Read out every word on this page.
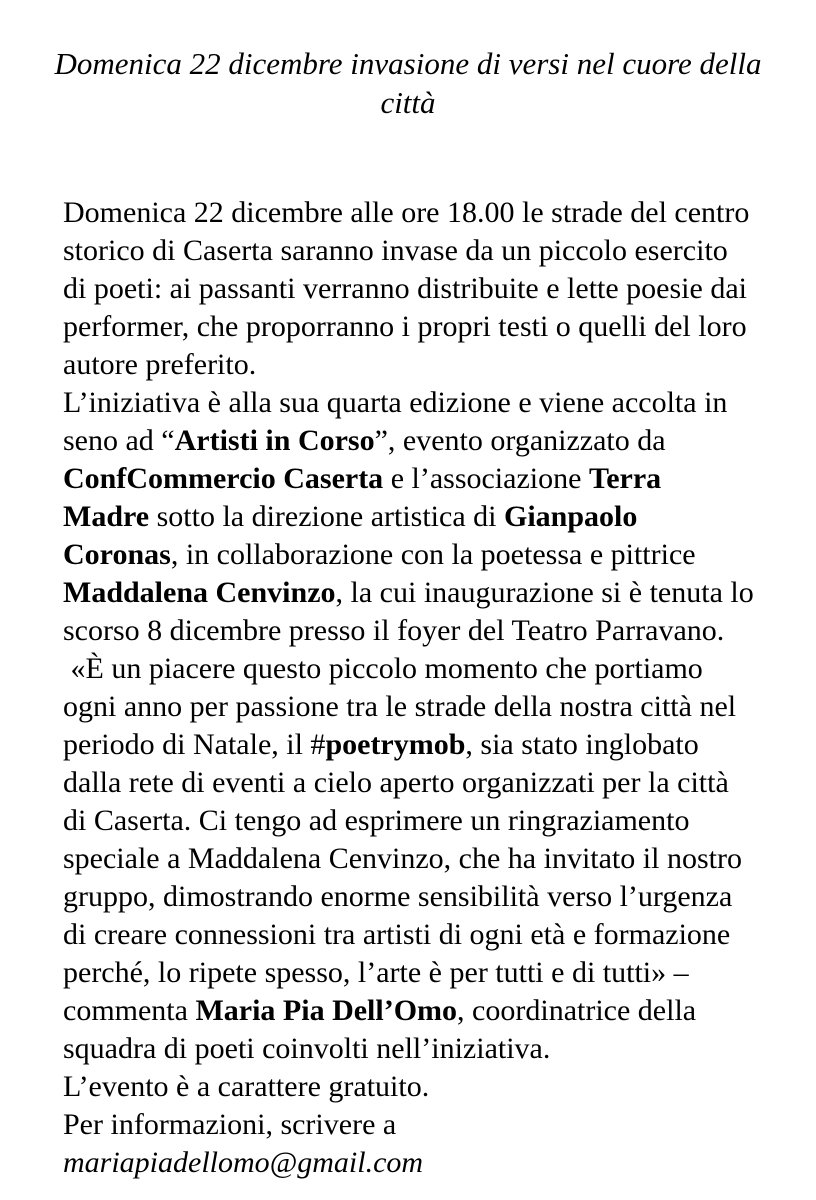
Domenica 22 dicembre invasione di versi nel cuore della
città
Domenica 22 dicembre alle ore 18.00 le strade del centro
storico di Caserta saranno invase da un piccolo esercito
di poeti: ai passanti verranno distribuite e lette poesie dai
performer, che proporranno i propri testi o quelli del loro
autore preferito.
L’iniziativa è alla sua quarta edizione e viene accolta in
seno ad “Artisti in Corso”, evento organizzato da
ConfCommercio Caserta e l’associazione Terra
Madre sotto la direzione artistica di Gianpaolo
Coronas, in collaborazione con la poetessa e pittrice
Maddalena Cenvinzo, la cui inaugurazione si è tenuta lo
scorso 8 dicembre presso il foyer del Teatro Parravano.
«È un piacere questo piccolo momento che portiamo
ogni anno per passione tra le strade della nostra città nel
periodo di Natale, il #poetrymob, sia stato inglobato
dalla rete di eventi a cielo aperto organizzati per la città
di Caserta. Ci tengo ad esprimere un ringraziamento
speciale a Maddalena Cenvinzo, che ha invitato il nostro
gruppo, dimostrando enorme sensibilità verso l’urgenza
di creare connessioni tra artisti di ogni età e formazione
perché, lo ripete spesso, l’arte è per tutti e di tutti» –
commenta Maria Pia Dell’Omo, coordinatrice della
squadra di poeti coinvolti nell’iniziativa.
L’evento è a carattere gratuito.
Per informazioni, scrivere a
mariapiadellomo@gmail.com
